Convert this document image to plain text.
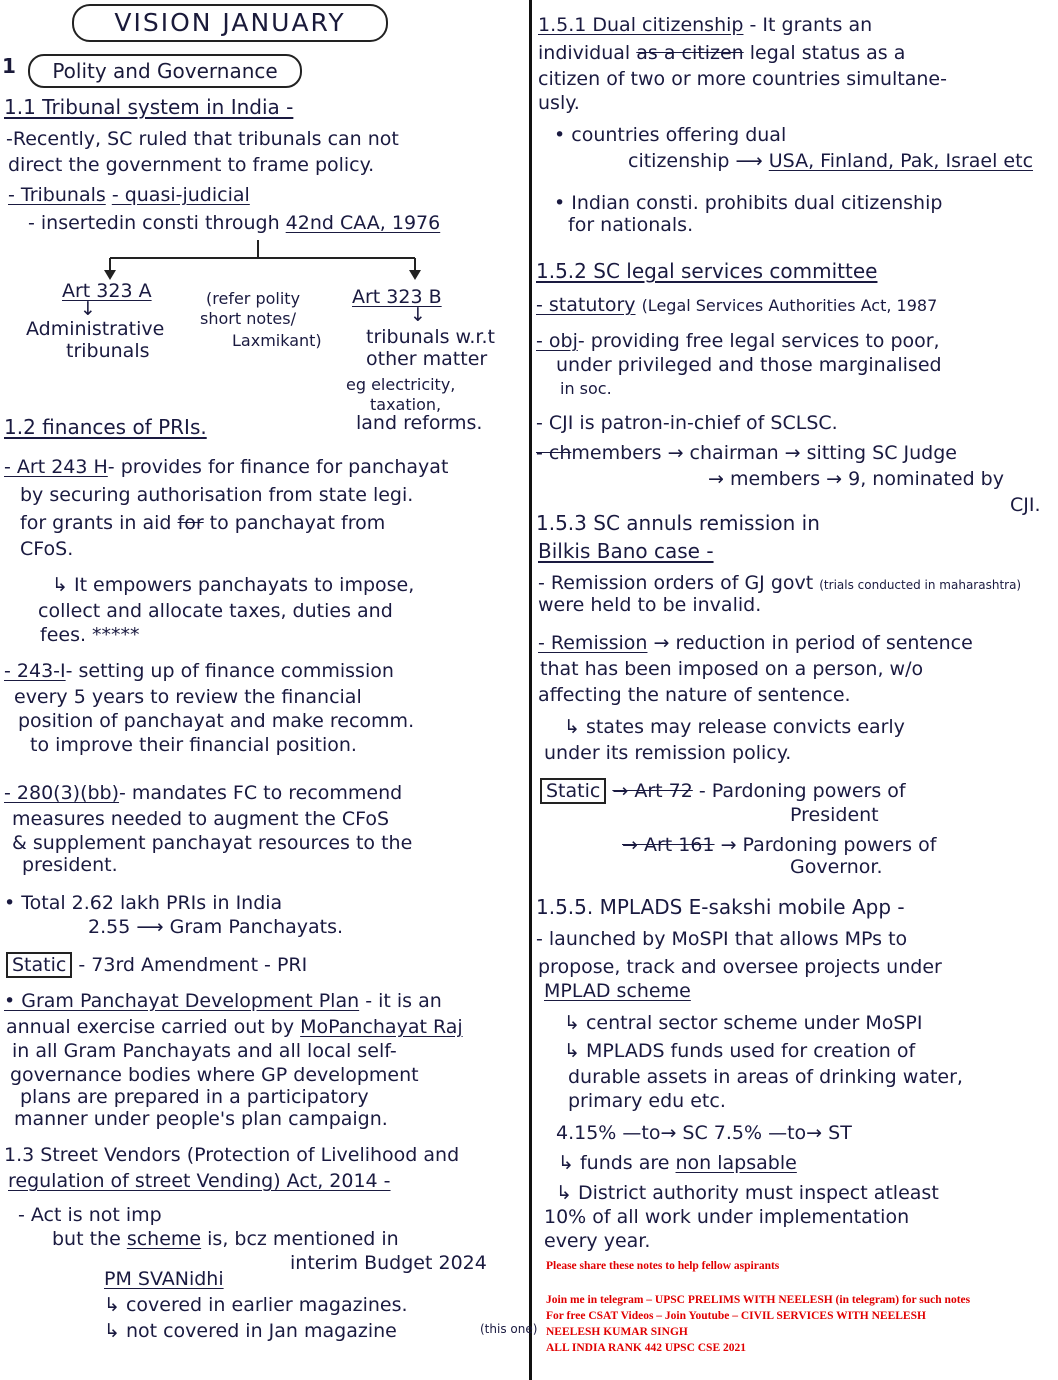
VISION JANUARY
1	Polity and Governance
1.1 Tribunal system in India -
-Recently, SC ruled that tribunals can not
direct the government to frame policy.
- Tribunals - quasi-judicial
- insertedin consti through 42nd CAA, 1976
Art 323 A
↓
Administrative
tribunals
(refer polity
short notes/
Laxmikant)
Art 323 B
↓
tribunals w.r.t
other matter
eg electricity,
taxation,
land reforms.
1.2 finances of PRIs.
- Art 243 H- provides for finance for panchayat
by securing authorisation from state legi.
for grants in aid for to panchayat from
CFoS.
↳ It empowers panchayats to impose,
collect and allocate taxes, duties and
fees. *****
- 243-I- setting up of finance commission
every 5 years to review the financial
position of panchayat and make recomm.
to improve their financial position.
- 280(3)(bb)- mandates FC to recommend
measures needed to augment the CFoS
& supplement panchayat resources to the
president.
• Total 2.62 lakh PRIs in India
2.55 ⟶ Gram Panchayats.
Static - 73rd Amendment - PRI
• Gram Panchayat Development Plan - it is an
annual exercise carried out by MoPanchayat Raj
in all Gram Panchayats and all local self-
governance bodies where GP development
plans are prepared in a participatory
manner under people's plan campaign.
1.3 Street Vendors (Protection of Livelihood and
regulation of street Vending) Act, 2014 -
- Act is not imp
but the scheme is, bcz mentioned in
interim Budget 2024
PM SVANidhi
↳ covered in earlier magazines.
↳ not covered in Jan magazine	(this one)
1.5.1 Dual citizenship - It grants an
individual as a citizen legal status as a
citizen of two or more countries simultane-
usly.
• countries offering dual
citizenship ⟶ USA, Finland, Pak, Israel etc
• Indian consti. prohibits dual citizenship
for nationals.
1.5.2 SC legal services committee
- statutory (Legal Services Authorities Act, 1987
- obj- providing free legal services to poor,
under privileged and those marginalised
in soc.
- CJI is patron-in-chief of SCLSC.
- chmembers → chairman → sitting SC Judge
→ members → 9, nominated by
CJI.
1.5.3 SC annuls remission in
Bilkis Bano case -
- Remission orders of GJ govt (trials conducted in maharashtra)
were held to be invalid.
- Remission → reduction in period of sentence
that has been imposed on a person, w/o
affecting the nature of sentence.
↳ states may release convicts early
under its remission policy.
Static → Art 72 - Pardoning powers of
President
→ Art 161 → Pardoning powers of
Governor.
1.5.5. MPLADS E-sakshi mobile App -
- launched by MoSPI that allows MPs to
propose, track and oversee projects under
MPLAD scheme
↳ central sector scheme under MoSPI
↳ MPLADS funds used for creation of
durable assets in areas of drinking water,
primary edu etc.
4.15% —to→ SC 7.5% —to→ ST
↳ funds are non lapsable
↳ District authority must inspect atleast
10% of all work under implementation
every year.
Please share these notes to help fellow aspirants
Join me in telegram – UPSC PRELIMS WITH NEELESH (in telegram) for such notes
For free CSAT Videos – Join Youtube – CIVIL SERVICES WITH NEELESH
NEELESH KUMAR SINGH
ALL INDIA RANK 442 UPSC CSE 2021
